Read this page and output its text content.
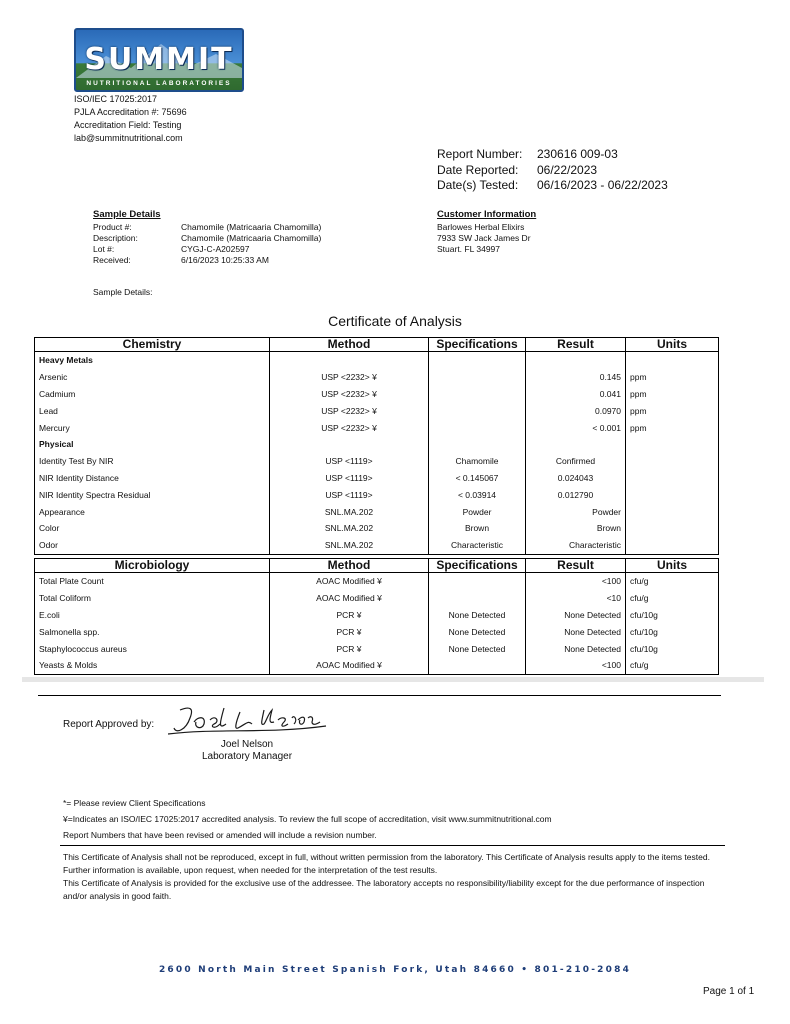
SUMMIT
NUTRITIONAL LABORATORIES
ISO/IEC 17025:2017
PJLA Accreditation #: 75696
Accreditation Field: Testing
lab@summitnutritional.com
Report Number:	230616 009-03
Date Reported:	06/22/2023
Date(s) Tested:	06/16/2023 - 06/22/2023
Sample Details
Product #:	Chamomile (Matricaaria Chamomilla)
Description:	Chamomile (Matricaaria Chamomilla)
Lot #:	CYGJ-C-A202597
Received:	6/16/2023 10:25:33 AM
Sample Details:
Customer Information
Barlowes Herbal Elixirs
7933 SW Jack James Dr
Stuart. FL 34997
Certificate of Analysis
Chemistry	Method	Specifications	Result	Units
Heavy Metals				
Arsenic	USP <2232> ¥		0.145	ppm
Cadmium	USP <2232> ¥		0.041	ppm
Lead	USP <2232> ¥		0.0970	ppm
Mercury	USP <2232> ¥		< 0.001	ppm
Physical				
Identity Test By NIR	USP <1119>	Chamomile	Confirmed	
NIR Identity Distance	USP <1119>	< 0.145067	0.024043	
NIR Identity Spectra Residual	USP <1119>	< 0.03914	0.012790	
Appearance	SNL.MA.202	Powder	Powder	
Color	SNL.MA.202	Brown	Brown	
Odor	SNL.MA.202	Characteristic	Characteristic	
Microbiology	Method	Specifications	Result	Units
Total Plate Count	AOAC Modified ¥		<100	cfu/g
Total Coliform	AOAC Modified ¥		<10	cfu/g
E.coli	PCR ¥	None Detected	None Detected	cfu/10g
Salmonella spp.	PCR ¥	None Detected	None Detected	cfu/10g
Staphylococcus aureus	PCR ¥	None Detected	None Detected	cfu/10g
Yeasts & Molds	AOAC Modified ¥		<100	cfu/g
Report Approved by:
Joel Nelson
Laboratory Manager
*= Please review Client Specifications
¥=Indicates an ISO/IEC 17025:2017 accredited analysis. To review the full scope of accreditation, visit www.summitnutritional.com
Report Numbers that have been revised or amended will include a revision number.
This Certificate of Analysis shall not be reproduced, except in full, without written permission from the laboratory. This Certificate of Analysis results apply to the items tested. Further information is available, upon request, when needed for the interpretation of the test results.
This Certificate of Analysis is provided for the exclusive use of the addressee. The laboratory accepts no responsibility/liability except for the due performance of inspection and/or analysis in good faith.
2600 North Main Street Spanish Fork, Utah 84660 • 801-210-2084
Page 1 of 1
